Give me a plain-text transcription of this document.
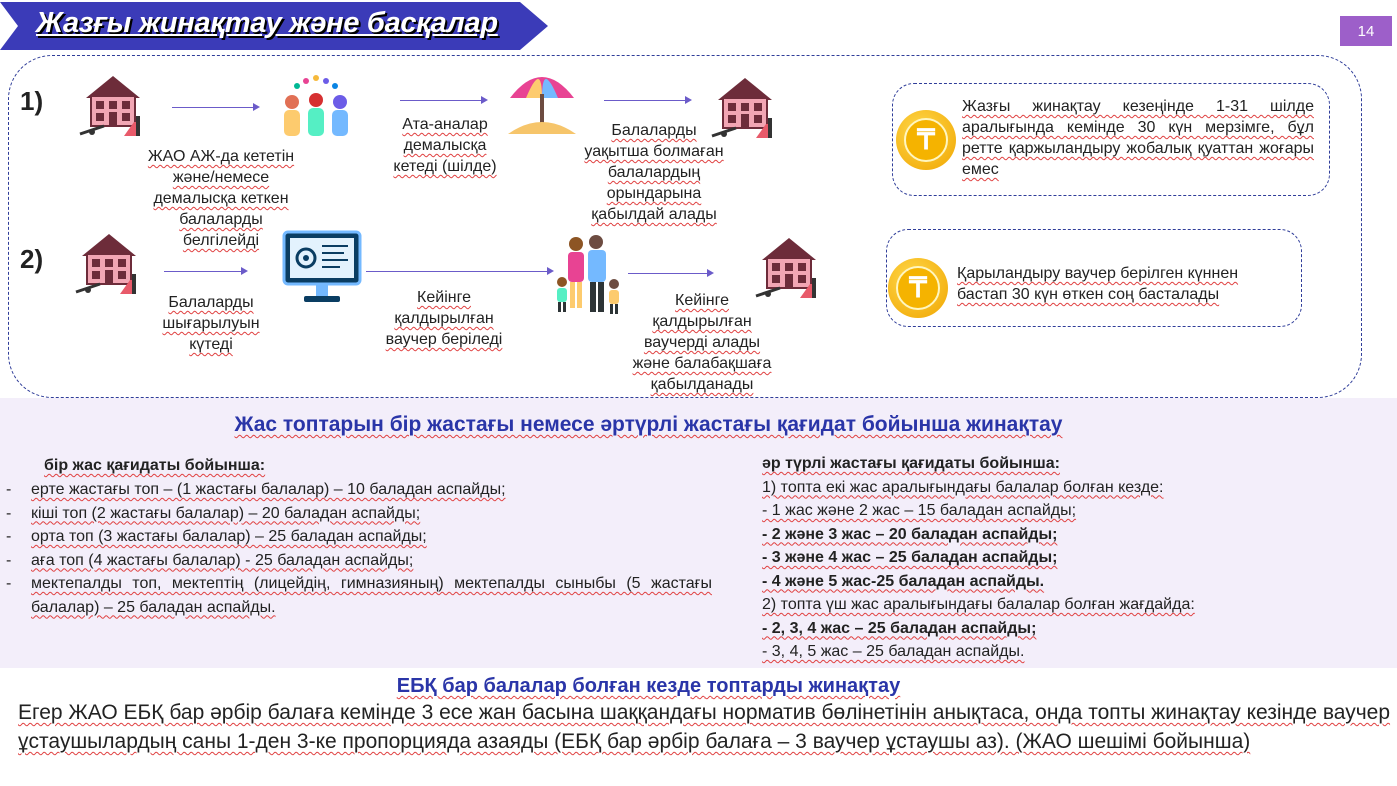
Жазғы жинақтау және басқалар	14
1)
ЖАО АЖ-да кететін
және/немесе
демалысқа кеткен
балаларды
белгілейді
Ата-аналар
демалысқа
кетеді (шілде)
Балаларды
уақытша болмаған
балалардың
орындарына
қабылдай алады
₸
Жазғы жинақтау кезеңінде 1-31 шілде аралығында кемінде 30 күн мерзімге, бұл ретте қаржыландыру жобалық қуаттан жоғары емес
2)
Балаларды
шығарылуын
күтеді
Кейінге
қалдырылған
ваучер беріледі
Кейінге
қалдырылған
ваучерді алады
және балабақшаға
қабылданады
₸	Қарыландыру ваучер берілген күннен бастап 30 күн өткен соң басталады
Жас топтарын бір жастағы немесе әртүрлі жастағы қағидат бойынша жинақтау
бір жас қағидаты бойынша:
-	ерте жастағы топ – (1 жастағы балалар) – 10 баладан аспайды;
-	кіші топ (2 жастағы балалар) – 20 баладан аспайды;
-	орта топ (3 жастағы балалар) – 25 баладан аспайды;
-	аға топ (4 жастағы балалар) - 25 баладан аспайды;
-	мектепалды топ, мектептің (лицейдің, гимназияның) мектепалды сыныбы (5 жастағы балалар) – 25 баладан аспайды.
әр түрлі жастағы қағидаты бойынша:
1) топта екі жас аралығындағы балалар болған кезде:
- 1 жас және 2 жас – 15 баладан аспайды;
- 2 және 3 жас – 20 баладан аспайды;
- 3 және 4 жас – 25 баладан аспайды;
- 4 және 5 жас-25 баладан аспайды.
2) топта үш жас аралығындағы балалар болған жағдайда:
- 2, 3, 4 жас – 25 баладан аспайды;
- 3, 4, 5 жас – 25 баладан аспайды.
ЕБҚ бар балалар болған кезде топтарды жинақтау
Егер ЖАО ЕБҚ бар әрбір балаға кемінде 3 есе жан басына шаққандағы норматив бөлінетінін анықтаса, онда топты жинақтау кезінде ваучер ұстаушылардың саны 1-ден 3-ке пропорцияда азаяды (ЕБҚ бар әрбір балаға – 3 ваучер ұстаушы аз). (ЖАО шешімі бойынша)
